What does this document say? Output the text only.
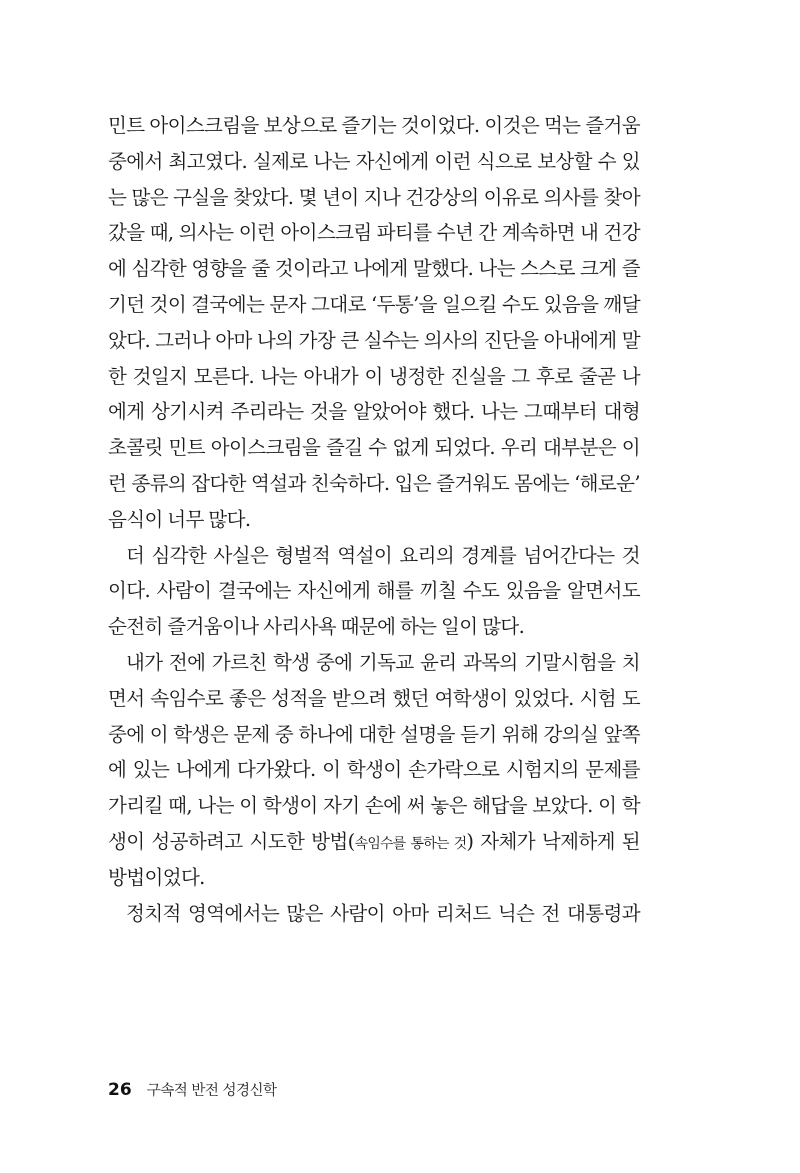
민트 아이스크림을 보상으로 즐기는 것이었다. 이것은 먹는 즐거움
중에서 최고였다. 실제로 나는 자신에게 이런 식으로 보상할 수 있
는 많은 구실을 찾았다. 몇 년이 지나 건강상의 이유로 의사를 찾아
갔을 때, 의사는 이런 아이스크림 파티를 수년 간 계속하면 내 건강
에 심각한 영향을 줄 것이라고 나에게 말했다. 나는 스스로 크게 즐
기던 것이 결국에는 문자 그대로 ‘두통’을 일으킬 수도 있음을 깨달
았다. 그러나 아마 나의 가장 큰 실수는 의사의 진단을 아내에게 말
한 것일지 모른다. 나는 아내가 이 냉정한 진실을 그 후로 줄곧 나
에게 상기시켜 주리라는 것을 알았어야 했다. 나는 그때부터 대형
초콜릿 민트 아이스크림을 즐길 수 없게 되었다. 우리 대부분은 이
런 종류의 잡다한 역설과 친숙하다. 입은 즐거워도 몸에는 ‘해로운’
음식이 너무 많다.
더 심각한 사실은 형벌적 역설이 요리의 경계를 넘어간다는 것
이다. 사람이 결국에는 자신에게 해를 끼칠 수도 있음을 알면서도
순전히 즐거움이나 사리사욕 때문에 하는 일이 많다.
내가 전에 가르친 학생 중에 기독교 윤리 과목의 기말시험을 치
면서 속임수로 좋은 성적을 받으려 했던 여학생이 있었다. 시험 도
중에 이 학생은 문제 중 하나에 대한 설명을 듣기 위해 강의실 앞쪽
에 있는 나에게 다가왔다. 이 학생이 손가락으로 시험지의 문제를
가리킬 때, 나는 이 학생이 자기 손에 써 놓은 해답을 보았다. 이 학
생이 성공하려고 시도한 방법(속임수를 통하는 것) 자체가 낙제하게 된
방법이었다.
정치적 영역에서는 많은 사람이 아마 리처드 닉슨 전 대통령과
26 구속적 반전 성경신학
